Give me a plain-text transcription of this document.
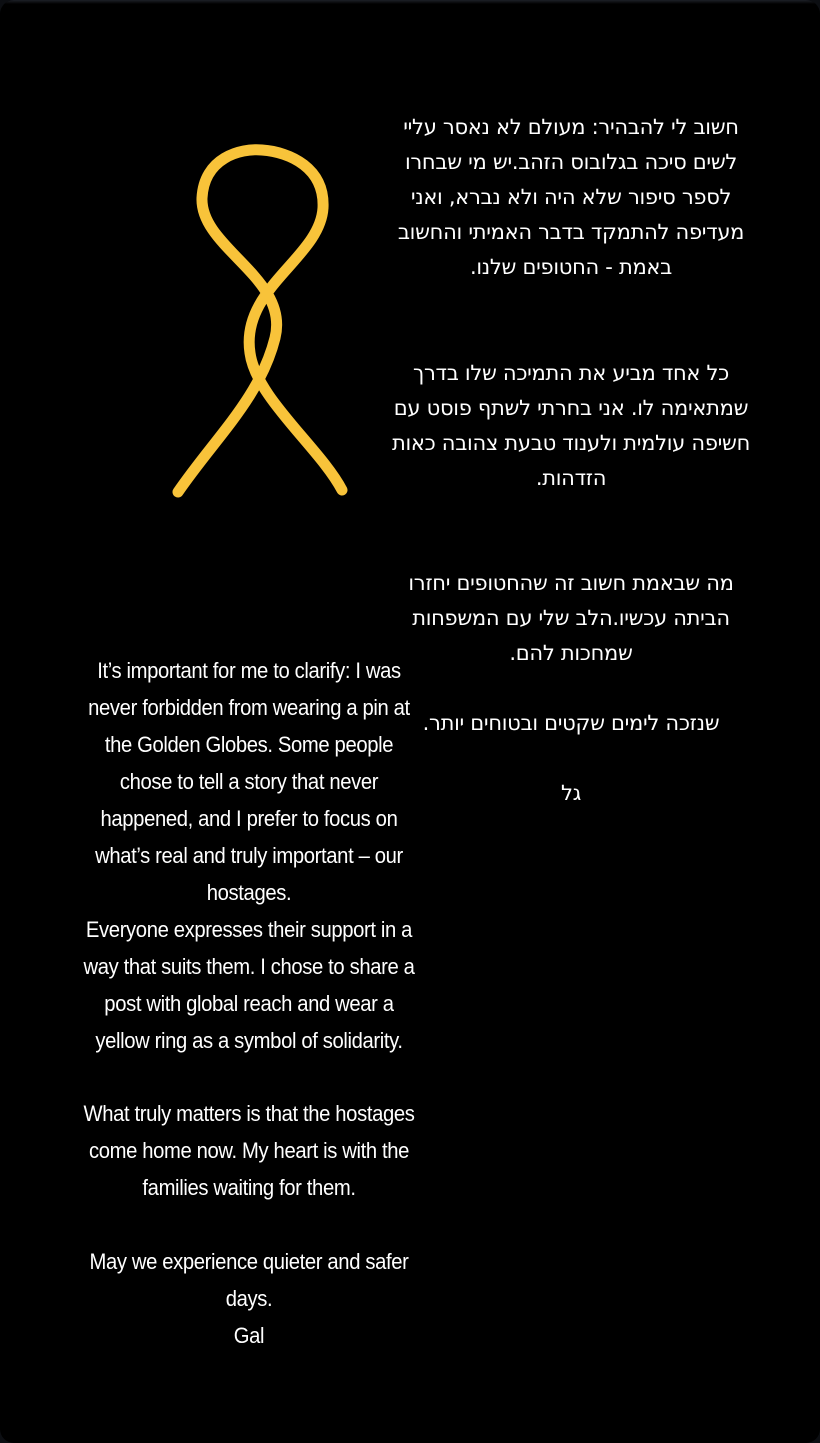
חשוב לי להבהיר: מעולם לא נאסר עליי לשים סיכה בגלובוס הזהב.יש מי שבחרו לספר סיפור שלא היה ולא נברא, ואני מעדיפה להתמקד בדבר האמיתי והחשוב באמת - החטופים שלנו.

כל אחד מביע את התמיכה שלו בדרך שמתאימה לו. אני בחרתי לשתף פוסט עם חשיפה עולמית ולענוד טבעת צהובה כאות הזדהות.

מה שבאמת חשוב זה שהחטופים יחזרו הביתה עכשיו.הלב שלי עם המשפחות שמחכות להם.

שנזכה לימים שקטים ובטוחים יותר.

גל

It’s important for me to clarify: I was never forbidden from wearing a pin at the Golden Globes. Some people chose to tell a story that never happened, and I prefer to focus on what’s real and truly important – our hostages.

Everyone expresses their support in a way that suits them. I chose to share a post with global reach and wear a yellow ring as a symbol of solidarity.

What truly matters is that the hostages come home now. My heart is with the families waiting for them.

May we experience quieter and safer days.

Gal
